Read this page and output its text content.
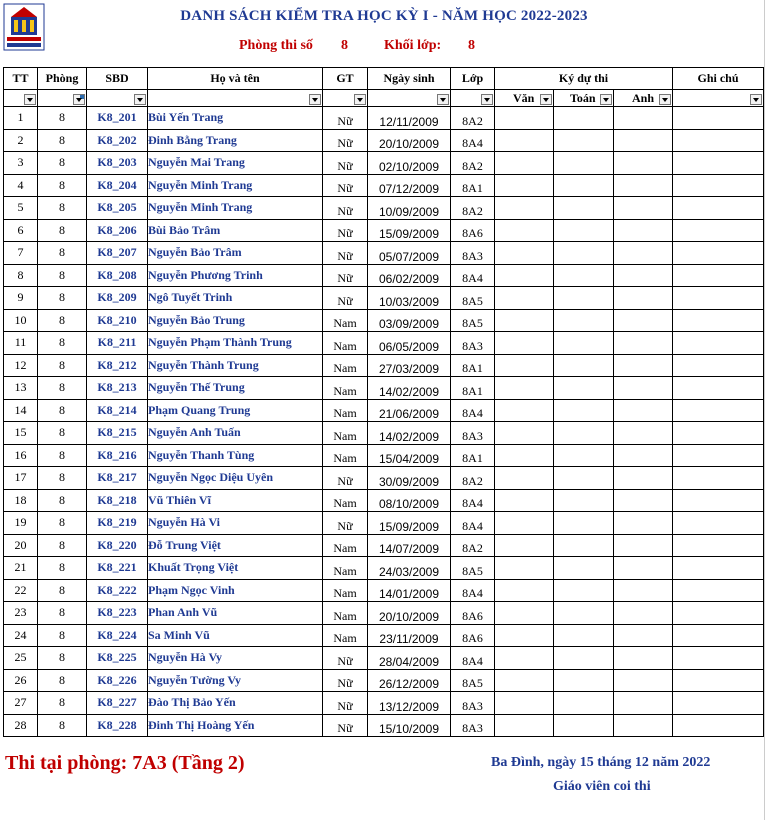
DANH SÁCH KIỂM TRA HỌC KỲ I - NĂM HỌC 2022-2023
Phòng thi số 8	Khối lớp: 8
TT	Phòng	SBD	Họ và tên	GT	Ngày sinh	Lớp	Ký dự thi			Ghi chú

							Văn	Toán	Anh	

1	8	K8_201	Bùi Yến Trang	Nữ	12/11/2009	8A2				
2	8	K8_202	Đinh Bằng Trang	Nữ	20/10/2009	8A4				
3	8	K8_203	Nguyễn Mai Trang	Nữ	02/10/2009	8A2				
4	8	K8_204	Nguyễn Minh Trang	Nữ	07/12/2009	8A1				
5	8	K8_205	Nguyễn Minh Trang	Nữ	10/09/2009	8A2				
6	8	K8_206	Bùi Bảo Trâm	Nữ	15/09/2009	8A6				
7	8	K8_207	Nguyễn Bảo Trâm	Nữ	05/07/2009	8A3				
8	8	K8_208	Nguyễn Phương Trinh	Nữ	06/02/2009	8A4				
9	8	K8_209	Ngô Tuyết Trinh	Nữ	10/03/2009	8A5				
10	8	K8_210	Nguyễn Bảo Trung	Nam	03/09/2009	8A5				
11	8	K8_211	Nguyễn Phạm Thành Trung	Nam	06/05/2009	8A3				
12	8	K8_212	Nguyễn Thành Trung	Nam	27/03/2009	8A1				
13	8	K8_213	Nguyễn Thế Trung	Nam	14/02/2009	8A1				
14	8	K8_214	Phạm Quang Trung	Nam	21/06/2009	8A4				
15	8	K8_215	Nguyễn Anh Tuấn	Nam	14/02/2009	8A3				
16	8	K8_216	Nguyễn Thanh Tùng	Nam	15/04/2009	8A1				
17	8	K8_217	Nguyễn Ngọc Diệu Uyên	Nữ	30/09/2009	8A2				
18	8	K8_218	Vũ Thiên Vĩ	Nam	08/10/2009	8A4				
19	8	K8_219	Nguyễn Hà Vi	Nữ	15/09/2009	8A4				
20	8	K8_220	Đỗ Trung Việt	Nam	14/07/2009	8A2				
21	8	K8_221	Khuất Trọng Việt	Nam	24/03/2009	8A5				
22	8	K8_222	Phạm Ngọc Vinh	Nam	14/01/2009	8A4				
23	8	K8_223	Phan Anh Vũ	Nam	20/10/2009	8A6				
24	8	K8_224	Sa Minh Vũ	Nam	23/11/2009	8A6				
25	8	K8_225	Nguyễn Hà Vy	Nữ	28/04/2009	8A4				
26	8	K8_226	Nguyễn Tường Vy	Nữ	26/12/2009	8A5				
27	8	K8_227	Đào Thị Bảo Yến	Nữ	13/12/2009	8A3				
28	8	K8_228	Đinh Thị Hoàng Yến	Nữ	15/10/2009	8A3				
Thi tại phòng: 7A3 (Tầng 2)	Ba Đình, ngày 15 tháng 12 năm 2022
Giáo viên coi thi
